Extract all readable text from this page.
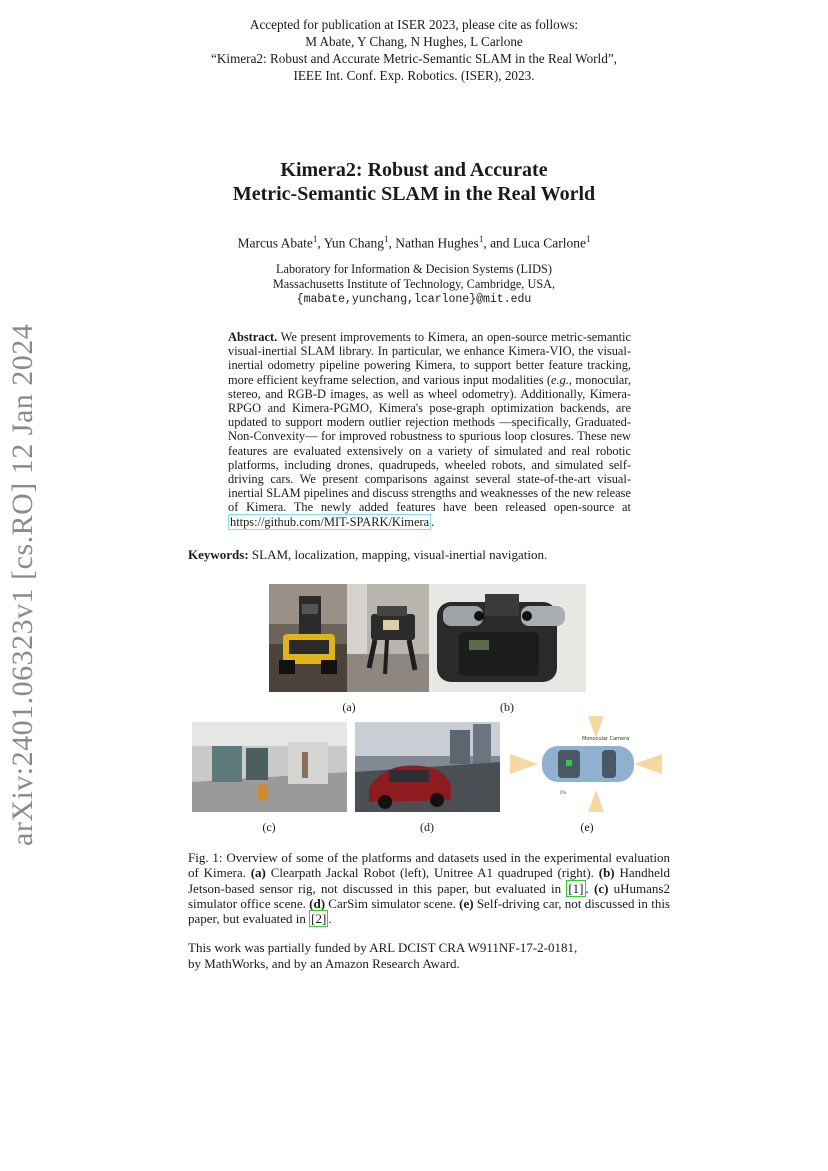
Accepted for publication at ISER 2023, please cite as follows:
M Abate, Y Chang, N Hughes, L Carlone
“Kimera2: Robust and Accurate Metric-Semantic SLAM in the Real World”,
IEEE Int. Conf. Exp. Robotics. (ISER), 2023.
Kimera2: Robust and Accurate
Metric-Semantic SLAM in the Real World
Marcus Abate$^1$, Yun Chang$^1$, Nathan Hughes$^1$, and Luca Carlone$^1$
Laboratory for Information & Decision Systems (LIDS)
Massachusetts Institute of Technology, Cambridge, USA,
{mabate,yunchang,lcarlone}@mit.edu
Abstract. We present improvements to Kimera, an open-source metric-semantic visual-inertial SLAM library. In particular, we enhance Kimera-VIO, the visual-inertial odometry pipeline powering Kimera, to support better feature tracking, more efficient keyframe selection, and various input modalities (e.g., monocular, stereo, and RGB-D images, as well as wheel odometry). Additionally, Kimera-RPGO and Kimera-PGMO, Kimera's pose-graph optimization backends, are updated to support modern outlier rejection methods —specifically, Graduated-Non-Convexity— for improved robustness to spurious loop closures. These new features are evaluated extensively on a variety of simulated and real robotic platforms, including drones, quadrupeds, wheeled robots, and simulated self-driving cars. We present comparisons against several state-of-the-art visual-inertial SLAM pipelines and discuss strengths and weaknesses of the new release of Kimera. The newly added features have been released open-source at https://github.com/MIT-SPARK/Kimera .
Keywords: SLAM, localization, mapping, visual-inertial navigation.
(a)	(b)
(c)	(d)
Monocular Camera
0%
(e)
Fig. 1: Overview of some of the platforms and datasets used in the experimental evaluation of Kimera. (a) Clearpath Jackal Robot (left), Unitree A1 quadruped (right). (b) Handheld Jetson-based sensor rig, not discussed in this paper, but evaluated in [1] . (c) uHumans2 simulator office scene. (d) CarSim simulator scene. (e) Self-driving car, not discussed in this paper, but evaluated in [2] .
This work was partially funded by ARL DCIST CRA W911NF-17-2-0181,
by MathWorks, and by an Amazon Research Award.
arXiv:2401.06323v1 [cs.RO] 12 Jan 2024
